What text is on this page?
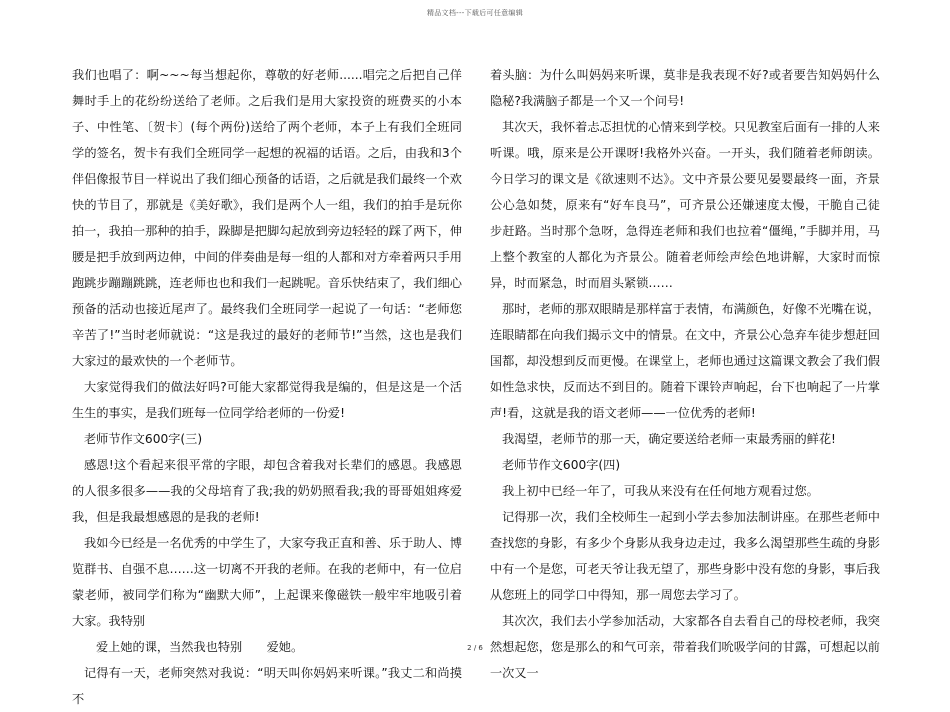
精品文档---下载后可任意编辑

我们也唱了：啊~~~每当想起你，尊敬的好老师......唱完之后把自己佯舞时手上的花纷纷送给了老师。之后我们是用大家投资的班费买的小本子、中性笔、〔贺卡〕(每个两份)送给了两个老师，本子上有我们全班同学的签名，贺卡有我们全班同学一起想的祝福的话语。之后，由我和3个伴侣像报节目一样说出了我们细心预备的话语，之后就是我们最终一个欢快的节目了，那就是《美好歌》，我们是两个人一组，我们的拍手是玩你拍一，我拍一那种的拍手，跺脚是把脚勾起放到旁边轻轻的踩了两下，伸腰是把手放到两边伸，中间的伴奏曲是每一组的人都和对方牵着两只手用跑跳步蹦蹦跳跳，连老师也也和我们一起跳呢。音乐快结束了，我们细心预备的活动也接近尾声了。最终我们全班同学一起说了一句话：“老师您辛苦了!”当时老师就说：“这是我过的最好的老师节!”当然，这也是我们大家过的最欢快的一个老师节。

大家觉得我们的做法好吗?可能大家都觉得我是编的，但是这是一个活生生的事实，是我们班每一位同学给老师的一份爱!

老师节作文600字(三)

感恩!这个看起来很平常的字眼，却包含着我对长辈们的感恩。我感恩的人很多很多——我的父母培育了我;我的奶奶照看我;我的哥哥姐姐疼爱我，但是我最想感恩的是我的老师!

我如今已经是一名优秀的中学生了，大家夸我正直和善、乐于助人、博览群书、自强不息……这一切离不开我的老师。在我的老师中，有一位启蒙老师，被同学们称为“幽默大师”，上起课来像磁铁一般牢牢地吸引着大家。我特别

爱上她的课，当然我也特别　　爱她。

记得有一天，老师突然对我说：“明天叫你妈妈来听课。”我丈二和尚摸不

着头脑：为什么叫妈妈来听课，莫非是我表现不好?或者要告知妈妈什么隐秘?我满脑子都是一个又一个问号!

其次天，我怀着忐忑担忧的心情来到学校。只见教室后面有一排的人来听课。哦，原来是公开课呀!我格外兴奋。一开头，我们随着老师朗读。今日学习的课文是《欲速则不达》。文中齐景公要见晏婴最终一面，齐景公心急如焚，原来有“好车良马”，可齐景公还嫌速度太慢，干脆自己徒步赶路。当时那个急呀，急得连老师和我们也拉着“僵绳，”手脚并用，马上整个教室的人都化为齐景公。随着老师绘声绘色地讲解，大家时而惊异，时而紧急，时而眉头紧锁……

那时，老师的那双眼睛是那样富于表情，布满颜色，好像不光嘴在说，连眼睛都在向我们揭示文中的情景。在文中，齐景公心急弃车徒步想赶回国都，却没想到反而更慢。在课堂上，老师也通过这篇课文教会了我们假如性急求快，反而达不到目的。随着下课铃声响起，台下也响起了一片掌声!看，这就是我的语文老师——一位优秀的老师!

我渴望，老师节的那一天，确定要送给老师一束最秀丽的鲜花!

老师节作文600字(四)

我上初中已经一年了，可我从来没有在任何地方观看过您。

记得那一次，我们全校师生一起到小学去参加法制讲座。在那些老师中查找您的身影，有多少个身影从我身边走过，我多么渴望那些生疏的身影中有一个是您，可老天爷让我无望了，那些身影中没有您的身影，事后我从您班上的同学口中得知，那一周您去学习了。

其次次，我们去小学参加活动，大家都各自去看自己的母校老师，我突然想起您，您是那么的和气可亲，带着我们吮吸学问的甘露，可想起以前一次又一

2 / 6
